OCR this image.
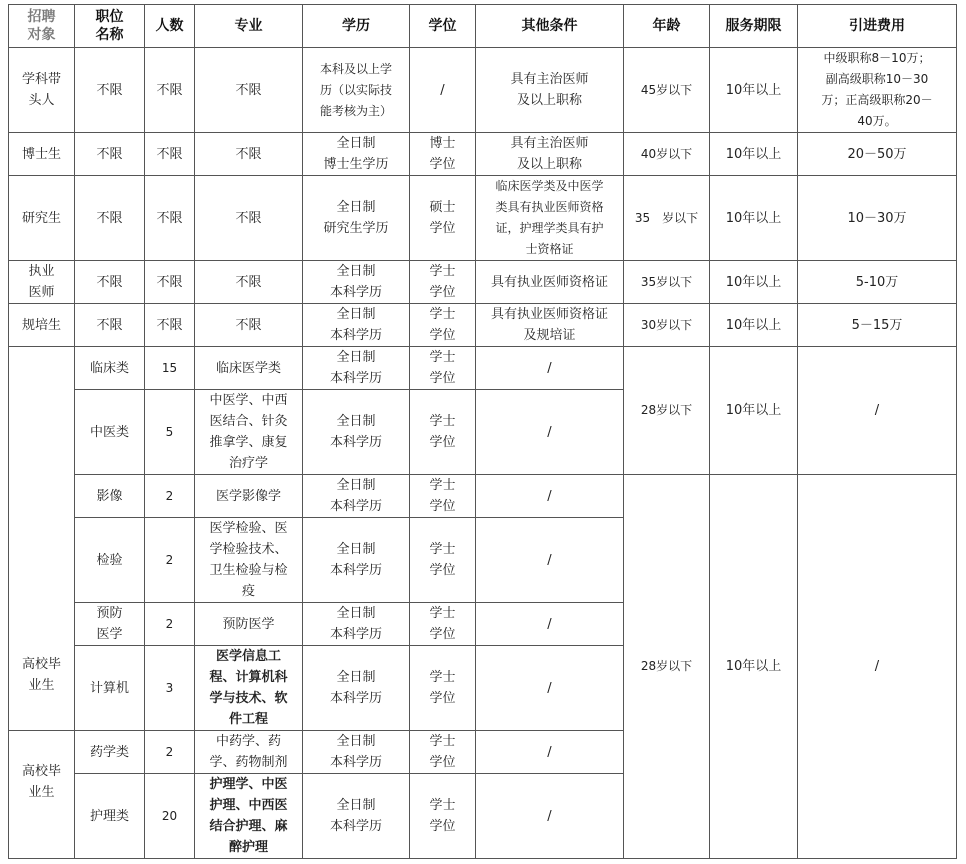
招聘
对象	职位
名称	人数	专业	学历	学位	其他条件	年龄	服务期限	引进费用
学科带
头人	不限	不限	不限	本科及以上学
历（以实际技
能考核为主）	/	具有主治医师
及以上职称	45岁以下	10年以上	中级职称8－10万；
副高级职称10－30
万；正高级职称20－
40万。
博士生	不限	不限	不限	全日制
博士生学历	博士
学位	具有主治医师
及以上职称	40岁以下	10年以上	20－50万
研究生	不限	不限	不限	全日制
研究生学历	硕士
学位	临床医学类及中医学
类具有执业医师资格
证，护理学类具有护
士资格证	35　岁以下	10年以上	10－30万
执业
医师	不限	不限	不限	全日制
本科学历	学士
学位	具有执业医师资格证	35岁以下	10年以上	5-10万
规培生	不限	不限	不限	全日制
本科学历	学士
学位	具有执业医师资格证
及规培证	30岁以下	10年以上	5－15万
高校毕
业生	临床类	15	临床医学类	全日制
本科学历	学士
学位	/	28岁以下	10年以上	/
	中医类	5	中医学、中西
医结合、针灸
推拿学、康复
治疗学	全日制
本科学历	学士
学位	/			
	影像	2	医学影像学	全日制
本科学历	学士
学位	/	28岁以下	10年以上	/
	检验	2	医学检验、医
学检验技术、
卫生检验与检
疫	全日制
本科学历	学士
学位	/			
	预防
医学	2	预防医学	全日制
本科学历	学士
学位	/			
	计算机	3	医学信息工
程、计算机科
学与技术、软
件工程	全日制
本科学历	学士
学位	/			
高校毕
业生	药学类	2	中药学、药
学、药物制剂	全日制
本科学历	学士
学位	/			
	护理类	20	护理学、中医
护理、中西医
结合护理、麻
醉护理	全日制
本科学历	学士
学位	/			
